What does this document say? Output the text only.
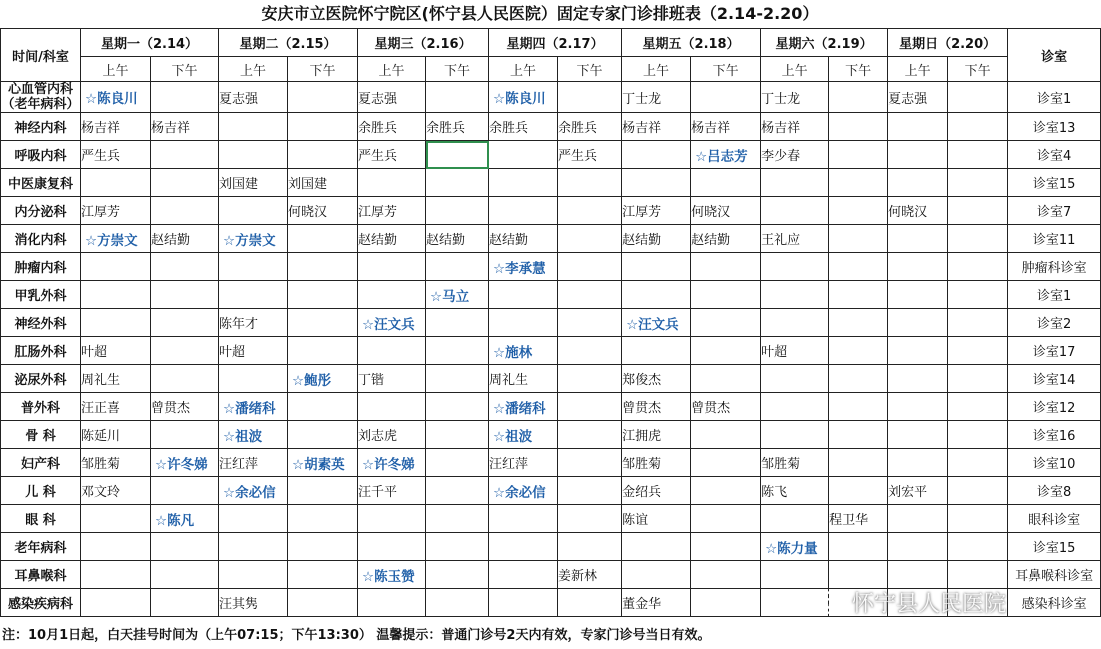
安庆市立医院怀宁院区(怀宁县人民医院）固定专家门诊排班表（2.14-2.20）
时间/科室	星期一（2.14）		星期二（2.15）		星期三（2.16）		星期四（2.17）		星期五（2.18）		星期六（2.19）		星期日（2.20）		诊室
	上午	下午	上午	下午	上午	下午	上午	下午	上午	下午	上午	下午	上午	下午	
心血管内科（老年病科）	☆陈良川		夏志强		夏志强		☆陈良川		丁士龙		丁士龙		夏志强		诊室1
神经内科	杨吉祥	杨吉祥			余胜兵	余胜兵	余胜兵	余胜兵	杨吉祥	杨吉祥	杨吉祥				诊室13
呼吸内科	严生兵				严生兵			严生兵		☆吕志芳	李少春				诊室4
中医康复科			刘国建	刘国建											诊室15
内分泌科	江厚芳			何晓汉	江厚芳				江厚芳	何晓汉			何晓汉		诊室7
消化内科	☆方崇文	赵结勤	☆方崇文		赵结勤	赵结勤	赵结勤		赵结勤	赵结勤	王礼应				诊室11
肿瘤内科							☆李承慧								肿瘤科诊室
甲乳外科						☆马立									诊室1
神经外科			陈年才		☆汪文兵				☆汪文兵						诊室2
肛肠外科	叶超		叶超				☆施林				叶超				诊室17
泌尿外科	周礼生			☆鲍彤	丁锴		周礼生		郑俊杰						诊室14
普外科	汪正喜	曾贯杰	☆潘绪科				☆潘绪科		曾贯杰	曾贯杰					诊室12
骨 科	陈延川		☆祖波		刘志虎		☆祖波		江拥虎						诊室16
妇产科	邹胜菊	☆许冬娣	汪红萍	☆胡素英	☆许冬娣		汪红萍		邹胜菊		邹胜菊				诊室10
儿 科	邓文玲		☆余必信		汪千平		☆余必信		金绍兵		陈飞		刘宏平		诊室8
眼 科		☆陈凡							陈谊			程卫华			眼科诊室
老年病科											☆陈力量				诊室15
耳鼻喉科					☆陈玉赞			姜新林							耳鼻喉科诊室
感染疾病科			汪其隽						董金华						感染科诊室
注：10月1日起，白天挂号时间为（上午07:15；下午13:30） 温馨提示：普通门诊号2天内有效，专家门诊号当日有效。
怀宁县人民医院
